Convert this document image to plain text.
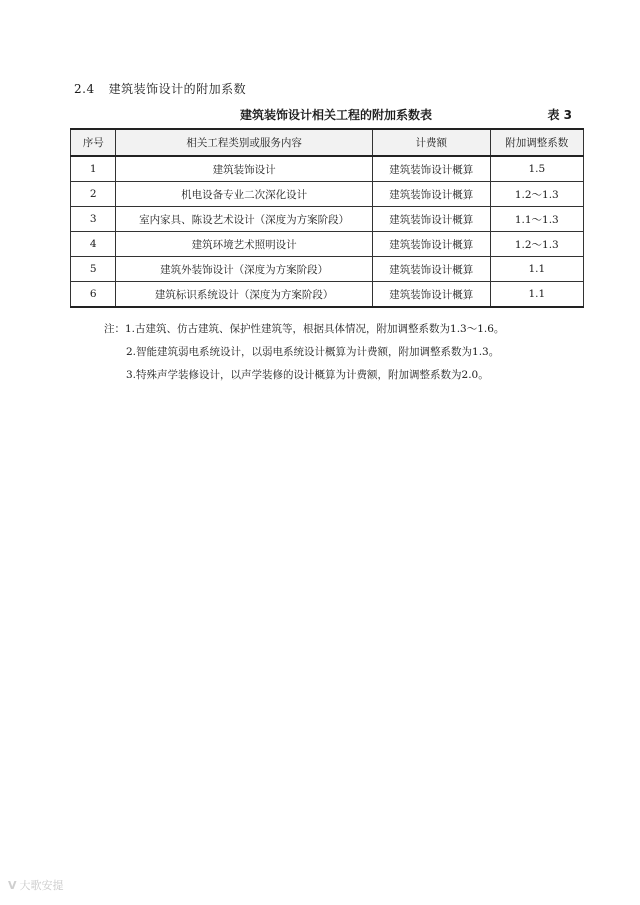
2.4 建筑装饰设计的附加系数
建筑装饰设计相关工程的附加系数表	表 3
序号	相关工程类别或服务内容	计费额	附加调整系数
1	建筑装饰设计	建筑装饰设计概算	1.5
2	机电设备专业二次深化设计	建筑装饰设计概算	1.2～1.3
3	室内家具、陈设艺术设计（深度为方案阶段）	建筑装饰设计概算	1.1～1.3
4	建筑环境艺术照明设计	建筑装饰设计概算	1.2～1.3
5	建筑外装饰设计（深度为方案阶段）	建筑装饰设计概算	1.1
6	建筑标识系统设计（深度为方案阶段）	建筑装饰设计概算	1.1
注：1.古建筑、仿古建筑、保护性建筑等，根据具体情况，附加调整系数为1.3～1.6。
2.智能建筑弱电系统设计，以弱电系统设计概算为计费额，附加调整系数为1.3。
3.特殊声学装修设计，以声学装修的设计概算为计费额，附加调整系数为2.0。
V 大歌安提
